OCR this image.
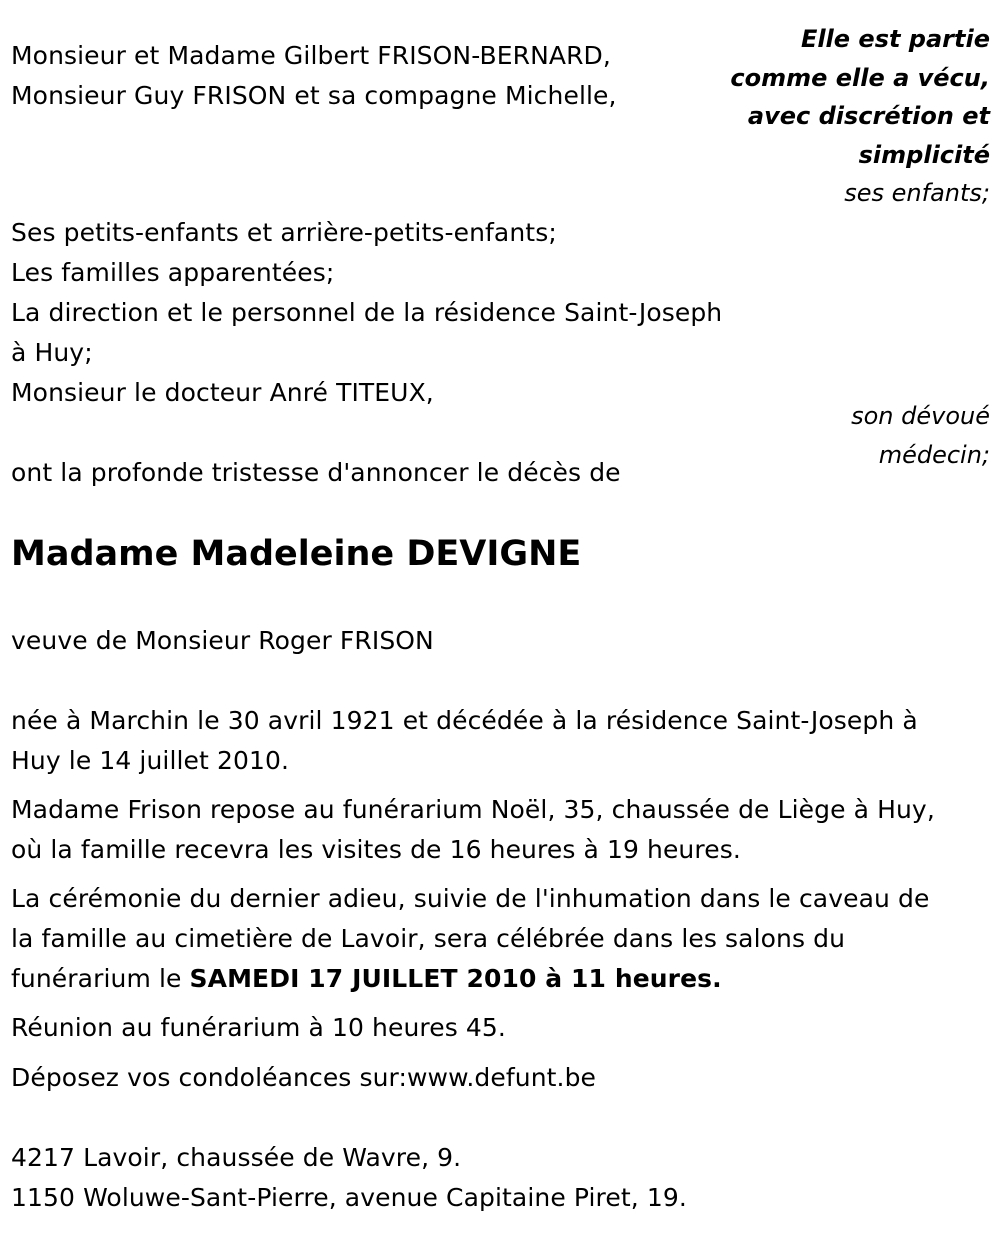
Monsieur et Madame Gilbert FRISON-BERNARD,
Monsieur Guy FRISON et sa compagne Michelle,
Elle est partie
comme elle a vécu,
avec discrétion et
simplicité
ses enfants;
Ses petits-enfants et arrière-petits-enfants;
Les familles apparentées;
La direction et le personnel de la résidence Saint-Joseph
à Huy;
Monsieur le docteur Anré TITEUX,
son dévoué
médecin;
ont la profonde tristesse d'annoncer le décès de
Madame Madeleine DEVIGNE
veuve de Monsieur Roger FRISON
née à Marchin le 30 avril 1921 et décédée à la résidence Saint-Joseph à
Huy le 14 juillet 2010.
Madame Frison repose au funérarium Noël, 35, chaussée de Liège à Huy,
où la famille recevra les visites de 16 heures à 19 heures.
La cérémonie du dernier adieu, suivie de l'inhumation dans le caveau de
la famille au cimetière de Lavoir, sera célébrée dans les salons du
funérarium le SAMEDI 17 JUILLET 2010 à 11 heures.
Réunion au funérarium à 10 heures 45.
Déposez vos condoléances sur:www.defunt.be
4217 Lavoir, chaussée de Wavre, 9.
1150 Woluwe-Sant-Pierre, avenue Capitaine Piret, 19.
